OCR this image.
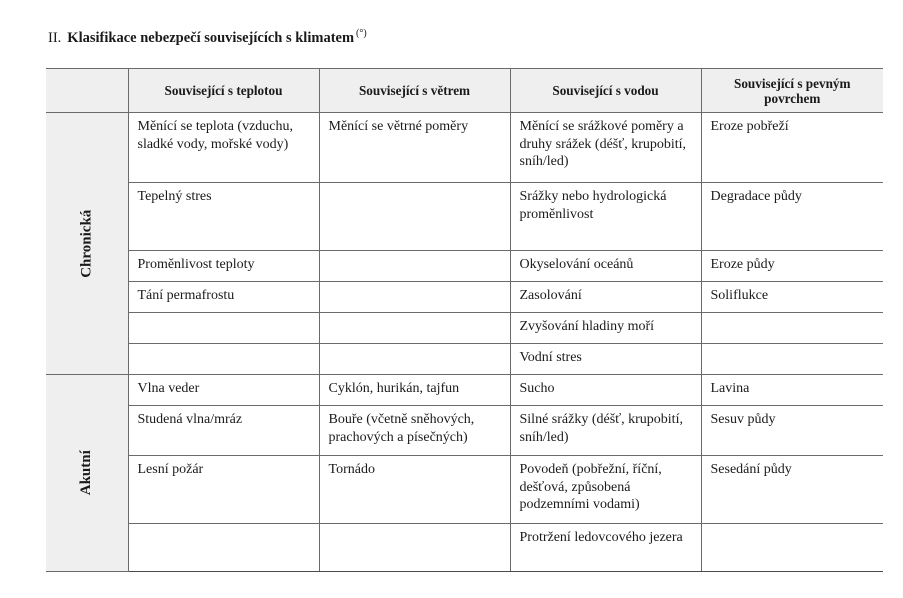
II. Klasifikace nebezpečí souvisejících s klimatem (°)
	Související s teplotou	Související s větrem	Související s vodou	Související s pevným povrchem
Chronická	Měnící se teplota (vzduchu, sladké vody, mořské vody)	Měnící se větrné poměry	Měnící se srážkové poměry a druhy srážek (déšť, krupobití, sníh/led)	Eroze pobřeží
	Tepelný stres		Srážky nebo hydrologická proměnlivost	Degradace půdy
	Proměnlivost teploty		Okyselování oceánů	Eroze půdy
	Tání permafrostu		Zasolování	Soliflukce
			Zvyšování hladiny moří	
			Vodní stres	
Akutní	Vlna veder	Cyklón, hurikán, tajfun	Sucho	Lavina
	Studená vlna/mráz	Bouře (včetně sněhových, prachových a písečných)	Silné srážky (déšť, krupobití, sníh/led)	Sesuv půdy
	Lesní požár	Tornádo	Povodeň (pobřežní, říční, dešťová, způsobená podzemními vodami)	Sesedání půdy
			Protržení ledovcového jezera	
